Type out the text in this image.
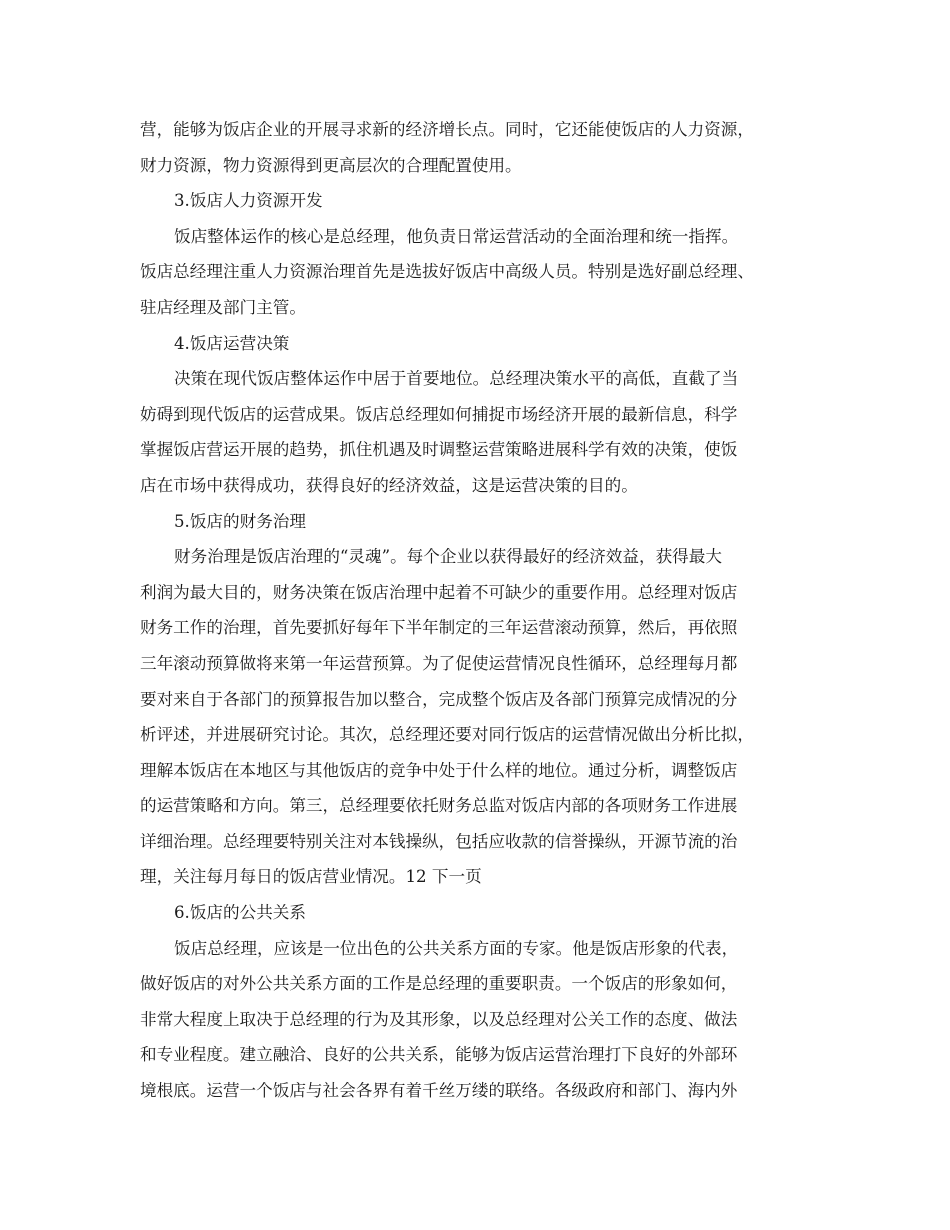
营，能够为饭店企业的开展寻求新的经济增长点。同时，它还能使饭店的人力资源，
财力资源，物力资源得到更高层次的合理配置使用。
3.饭店人力资源开发
饭店整体运作的核心是总经理，他负责日常运营活动的全面治理和统一指挥。
饭店总经理注重人力资源治理首先是选拔好饭店中高级人员。特别是选好副总经理、
驻店经理及部门主管。
4.饭店运营决策
决策在现代饭店整体运作中居于首要地位。总经理决策水平的高低，直截了当
妨碍到现代饭店的运营成果。饭店总经理如何捕捉市场经济开展的最新信息，科学
掌握饭店营运开展的趋势，抓住机遇及时调整运营策略进展科学有效的决策，使饭
店在市场中获得成功，获得良好的经济效益，这是运营决策的目的。
5.饭店的财务治理
财务治理是饭店治理的“灵魂”。每个企业以获得最好的经济效益，获得最大
利润为最大目的，财务决策在饭店治理中起着不可缺少的重要作用。总经理对饭店
财务工作的治理，首先要抓好每年下半年制定的三年运营滚动预算，然后，再依照
三年滚动预算做将来第一年运营预算。为了促使运营情况良性循环，总经理每月都
要对来自于各部门的预算报告加以整合，完成整个饭店及各部门预算完成情况的分
析评述，并进展研究讨论。其次，总经理还要对同行饭店的运营情况做出分析比拟，
理解本饭店在本地区与其他饭店的竞争中处于什么样的地位。通过分析，调整饭店
的运营策略和方向。第三，总经理要依托财务总监对饭店内部的各项财务工作进展
详细治理。总经理要特别关注对本钱操纵，包括应收款的信誉操纵，开源节流的治
理，关注每月每日的饭店营业情况。12 下一页
6.饭店的公共关系
饭店总经理，应该是一位出色的公共关系方面的专家。他是饭店形象的代表，
做好饭店的对外公共关系方面的工作是总经理的重要职责。一个饭店的形象如何，
非常大程度上取决于总经理的行为及其形象，以及总经理对公关工作的态度、做法
和专业程度。建立融洽、良好的公共关系，能够为饭店运营治理打下良好的外部环
境根底。运营一个饭店与社会各界有着千丝万缕的联络。各级政府和部门、海内外
